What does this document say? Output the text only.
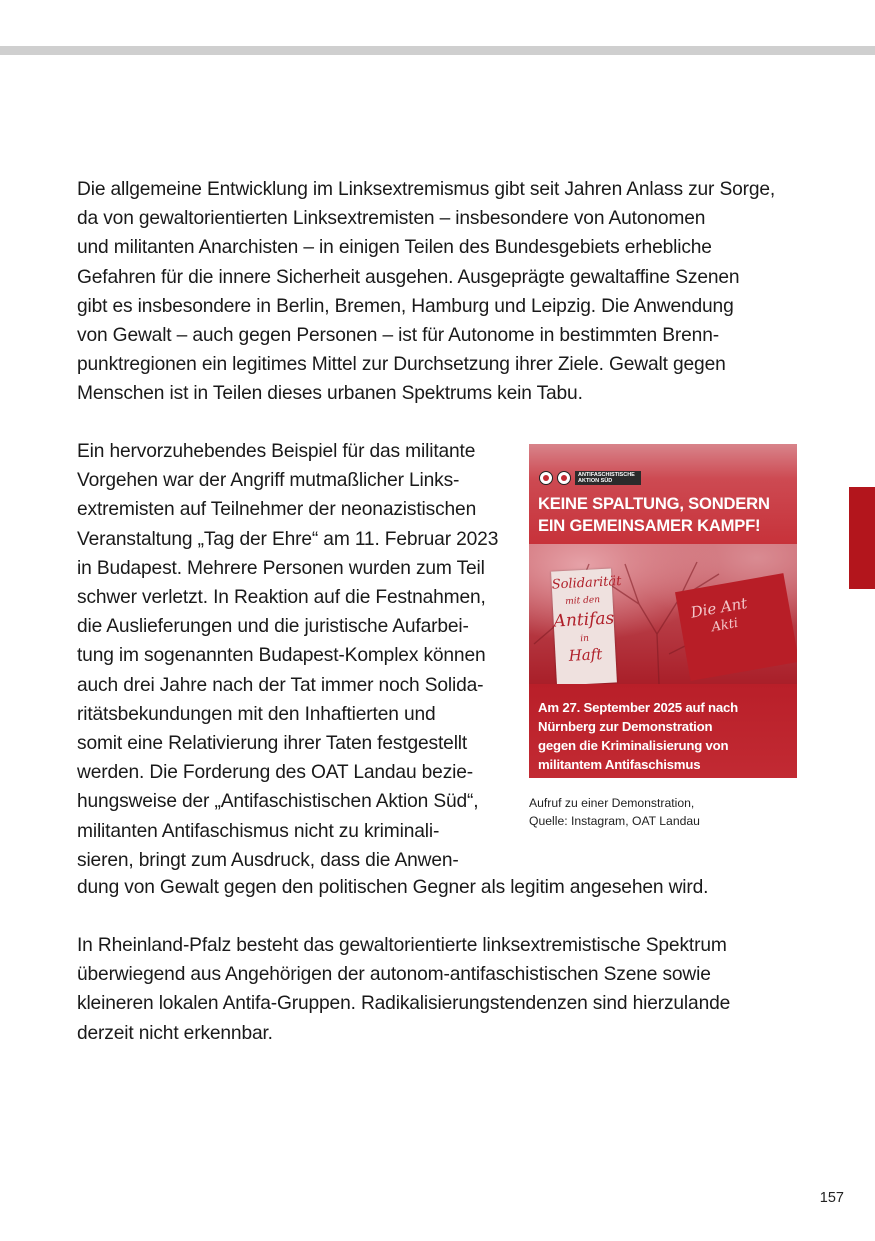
Die allgemeine Entwicklung im Linksextremismus gibt seit Jahren Anlass zur Sorge,
da von gewaltorientierten Linksextremisten – insbesondere von Autonomen
und militanten Anarchisten – in einigen Teilen des Bundesgebiets erhebliche
Gefahren für die innere Sicherheit ausgehen. Ausgeprägte gewaltaffine Szenen
gibt es insbesondere in Berlin, Bremen, Hamburg und Leipzig. Die Anwendung
von Gewalt – auch gegen Personen – ist für Autonome in bestimmten Brenn-
punktregionen ein legitimes Mittel zur Durchsetzung ihrer Ziele. Gewalt gegen
Menschen ist in Teilen dieses urbanen Spektrums kein Tabu.

Ein hervorzuhebendes Beispiel für das militante
Vorgehen war der Angriff mutmaßlicher Links-
extremisten auf Teilnehmer der neonazistischen
Veranstaltung „Tag der Ehre“ am 11. Februar 2023
in Budapest. Mehrere Personen wurden zum Teil
schwer verletzt. In Reaktion auf die Festnahmen,
die Auslieferungen und die juristische Aufarbei-
tung im sogenannten Budapest-Komplex können
auch drei Jahre nach der Tat immer noch Solida-
ritätsbekundungen mit den Inhaftierten und
somit eine Relativierung ihrer Taten festgestellt
werden. Die Forderung des OAT Landau bezie-
hungsweise der „Antifaschistischen Aktion Süd“,
militanten Antifaschismus nicht zu kriminali-
sieren, bringt zum Ausdruck, dass die Anwen-

dung von Gewalt gegen den politischen Gegner als legitim angesehen wird.

ANTIFASCHISTISCHE AKTION SÜD
KEINE SPALTUNG, SONDERN
EIN GEMEINSAMER KAMPF!
Solidarität
mit den
Antifas
in
Haft
Die Ant
Akti
Am 27. September 2025 auf nach
Nürnberg zur Demonstration
gegen die Kriminalisierung von
militantem Antifaschismus
Aufruf zu einer Demonstration,
Quelle: Instagram, OAT Landau

In Rheinland-Pfalz besteht das gewaltorientierte linksextremistische Spektrum
überwiegend aus Angehörigen der autonom-antifaschistischen Szene sowie
kleineren lokalen Antifa-Gruppen. Radikalisierungstendenzen sind hierzulande
derzeit nicht erkennbar.

157
